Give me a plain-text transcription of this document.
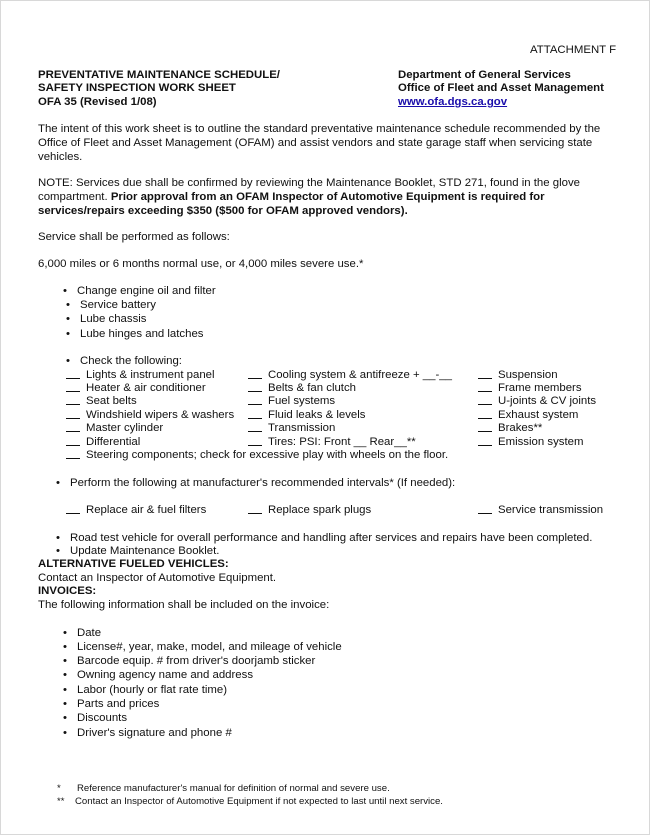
ATTACHMENT F
PREVENTATIVE MAINTENANCE SCHEDULE/
SAFETY INSPECTION WORK SHEET
OFA 35 (Revised 1/08)
Department of General Services
Office of Fleet and Asset Management
www.ofa.dgs.ca.gov
The intent of this work sheet is to outline the standard preventative maintenance schedule recommended by the Office of Fleet and Asset Management (OFAM) and assist vendors and state garage staff when servicing state vehicles.
NOTE: Services due shall be confirmed by reviewing the Maintenance Booklet, STD 271, found in the glove compartment. Prior approval from an OFAM Inspector of Automotive Equipment is required for services/repairs exceeding $350 ($500 for OFAM approved vendors).
Service shall be performed as follows:
6,000 miles or 6 months normal use, or 4,000 miles severe use.*
• Change engine oil and filter
• Service battery
• Lube chassis
• Lube hinges and latches
• Check the following:
Lights & instrument panel
Heater & air conditioner
Seat belts
Windshield wipers & washers
Master cylinder
Differential
Cooling system & antifreeze + __-__
Belts & fan clutch
Fuel systems
Fluid leaks & levels
Transmission
Tires: PSI: Front __ Rear__**
Suspension
Frame members
U-joints & CV joints
Exhaust system
Brakes**
Emission system
Steering components; check for excessive play with wheels on the floor.
• Perform the following at manufacturer's recommended intervals* (If needed):
Replace air & fuel filters	Replace spark plugs	Service transmission
• Road test vehicle for overall performance and handling after services and repairs have been completed.
• Update Maintenance Booklet.
ALTERNATIVE FUELED VEHICLES:
Contact an Inspector of Automotive Equipment.
INVOICES:
The following information shall be included on the invoice:
• Date
• License#, year, make, model, and mileage of vehicle
• Barcode equip. # from driver's doorjamb sticker
• Owning agency name and address
• Labor (hourly or flat rate time)
• Parts and prices
• Discounts
• Driver's signature and phone #
* Reference manufacturer's manual for definition of normal and severe use.
** Contact an Inspector of Automotive Equipment if not expected to last until next service.
